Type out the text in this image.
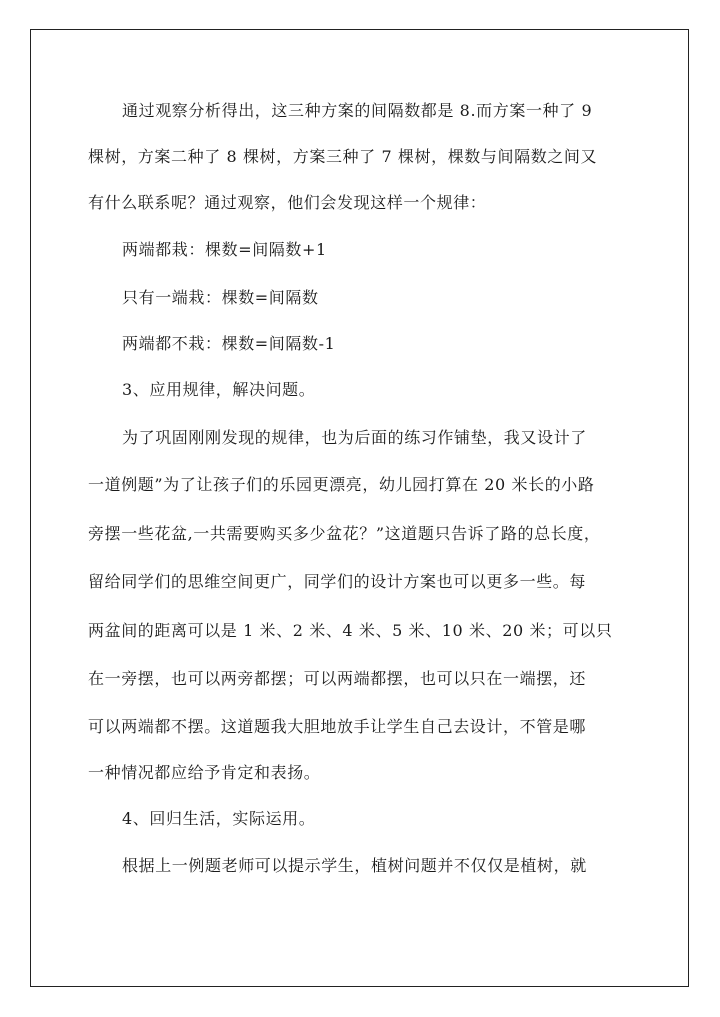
通过观察分析得出，这三种方案的间隔数都是 8.而方案一种了 9
棵树，方案二种了 8 棵树，方案三种了 7 棵树，棵数与间隔数之间又
有什么联系呢？通过观察，他们会发现这样一个规律：
两端都栽：棵数=间隔数+1
只有一端栽：棵数=间隔数
两端都不栽：棵数=间隔数-1
3、应用规律，解决问题。
为了巩固刚刚发现的规律，也为后面的练习作铺垫，我又设计了
一道例题”为了让孩子们的乐园更漂亮，幼儿园打算在 20 米长的小路
旁摆一些花盆,一共需要购买多少盆花？”这道题只告诉了路的总长度，
留给同学们的思维空间更广，同学们的设计方案也可以更多一些。每
两盆间的距离可以是 1 米、2 米、4 米、5 米、10 米、20 米；可以只
在一旁摆，也可以两旁都摆；可以两端都摆，也可以只在一端摆，还
可以两端都不摆。这道题我大胆地放手让学生自己去设计，不管是哪
一种情况都应给予肯定和表扬。
4、回归生活，实际运用。
根据上一例题老师可以提示学生，植树问题并不仅仅是植树，就
